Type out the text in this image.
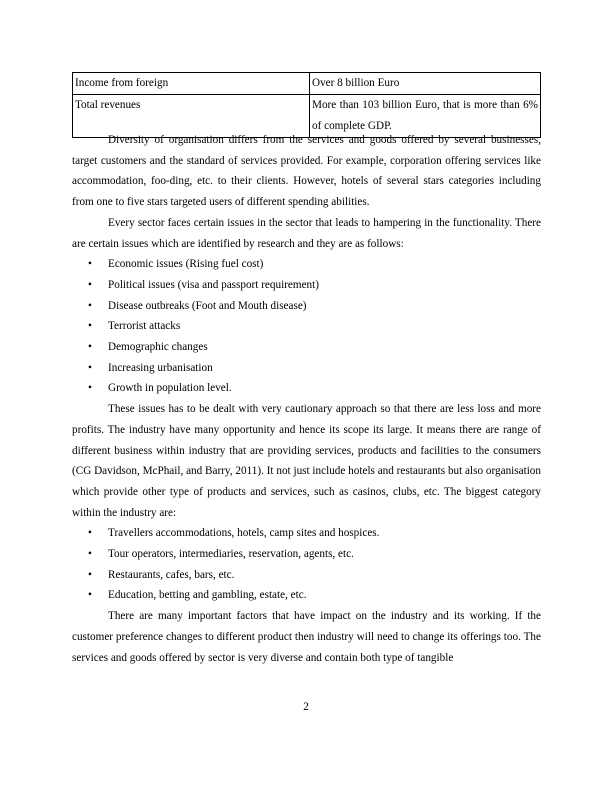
Income from foreign	Over 8 billion Euro
Total revenues	More than 103 billion Euro, that is more than 6% of complete GDP.

Diversity of organisation differs from the services and goods offered by several businesses, target customers and the standard of services provided. For example, corporation offering services like accommodation, foo-ding, etc. to their clients. However, hotels of several stars categories including from one to five stars targeted users of different spending abilities.

Every sector faces certain issues in the sector that leads to hampering in the functionality. There are certain issues which are identified by research and they are as follows:

• Economic issues (Rising fuel cost)
• Political issues (visa and passport requirement)
• Disease outbreaks (Foot and Mouth disease)
• Terrorist attacks
• Demographic changes
• Increasing urbanisation
• Growth in population level.

These issues has to be dealt with very cautionary approach so that there are less loss and more profits. The industry have many opportunity and hence its scope its large. It means there are range of different business within industry that are providing services, products and facilities to the consumers (CG Davidson, McPhail, and Barry, 2011). It not just include hotels and restaurants but also organisation which provide other type of products and services, such as casinos, clubs, etc. The biggest category within the industry are:

• Travellers accommodations, hotels, camp sites and hospices.
• Tour operators, intermediaries, reservation, agents, etc.
• Restaurants, cafes, bars, etc.
• Education, betting and gambling, estate, etc.

There are many important factors that have impact on the industry and its working. If the customer preference changes to different product then industry will need to change its offerings too. The services and goods offered by sector is very diverse and contain both type of tangible

2
